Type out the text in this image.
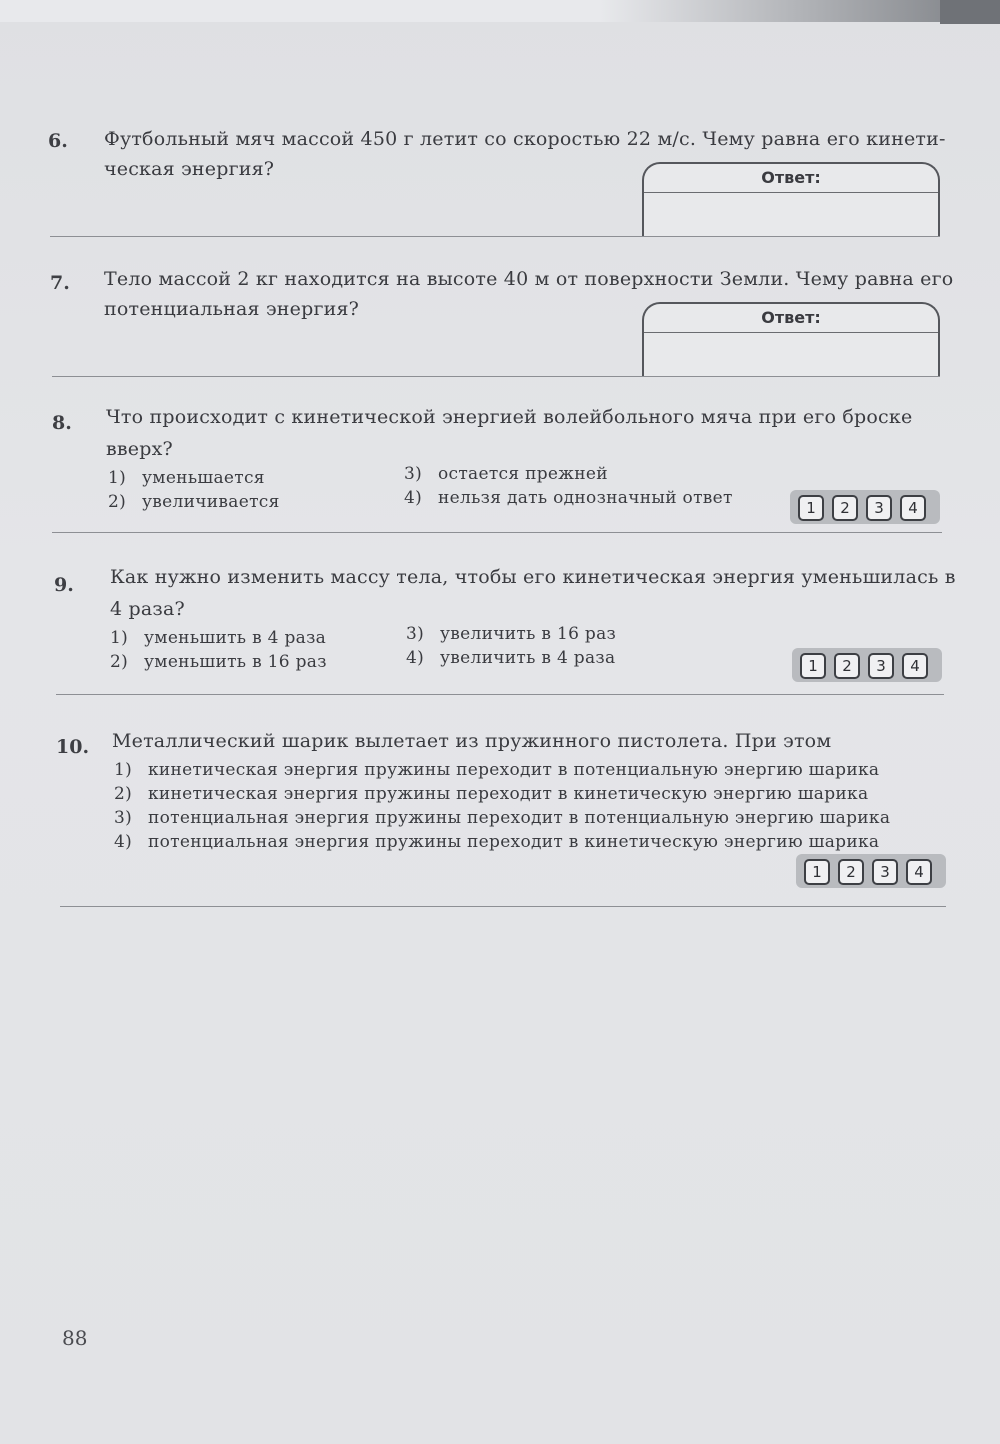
6. Футбольный мяч массой 450 г летит со скоростью 22 м/с. Чему равна его кинети-
ческая энергия?	Ответ:
7. Тело массой 2 кг находится на высоте 40 м от поверхности Земли. Чему равна его
потенциальная энергия?	Ответ:
8. Что происходит с кинетической энергией волейбольного мяча при его броске
вверх?
1) уменьшается
2) увеличивается
3) остается прежней
4) нельзя дать однозначный ответ	1	2	3	4
9. Как нужно изменить массу тела, чтобы его кинетическая энергия уменьшилась в
4 раза?
1) уменьшить в 4 раза
2) уменьшить в 16 раз
3) увеличить в 16 раз
4) увеличить в 4 раза	1	2	3	4
10. Металлический шарик вылетает из пружинного пистолета. При этом
1) кинетическая энергия пружины переходит в потенциальную энергию шарика
2) кинетическая энергия пружины переходит в кинетическую энергию шарика
3) потенциальная энергия пружины переходит в потенциальную энергию шарика
4) потенциальная энергия пружины переходит в кинетическую энергию шарика
1	2	3	4
88
